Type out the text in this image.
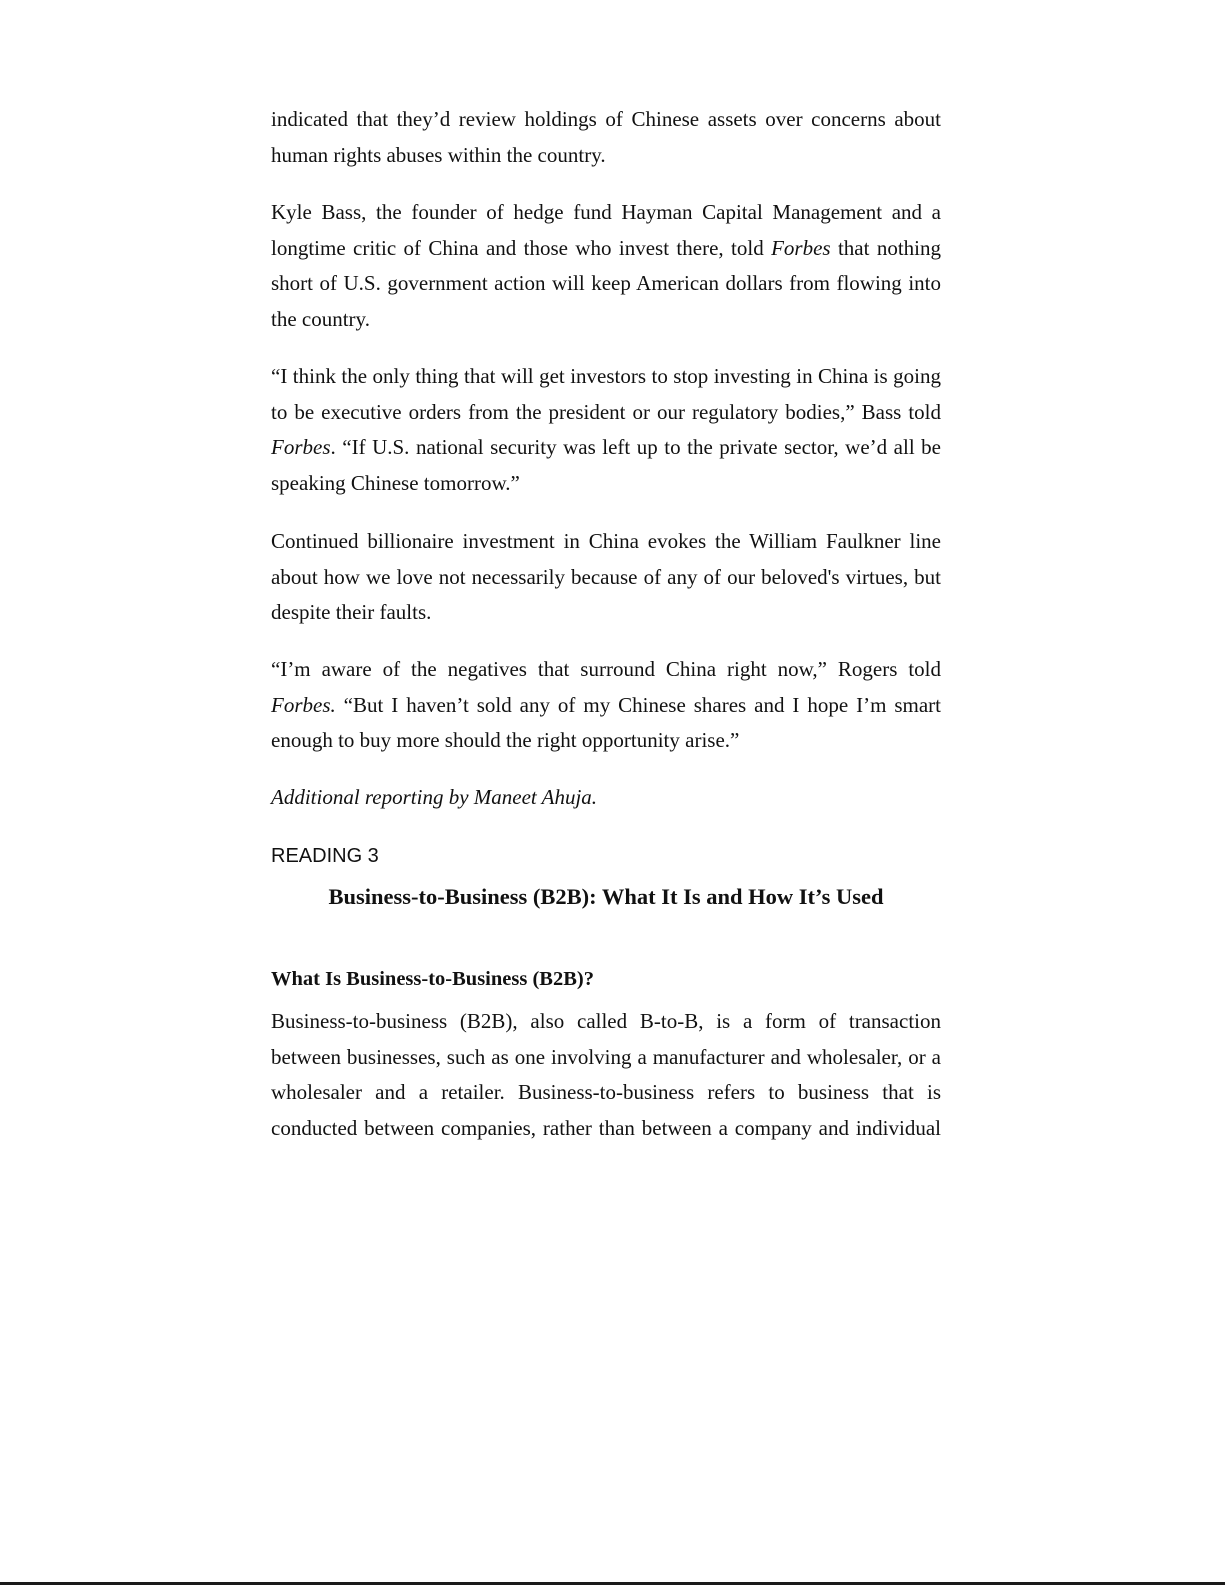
indicated that they’d review holdings of Chinese assets over concerns about human rights abuses within the country.

Kyle Bass, the founder of hedge fund Hayman Capital Management and a longtime critic of China and those who invest there, told Forbes that nothing short of U.S. government action will keep American dollars from flowing into the country.

“I think the only thing that will get investors to stop investing in China is going to be executive orders from the president or our regulatory bodies,” Bass told Forbes. “If U.S. national security was left up to the private sector, we’d all be speaking Chinese tomorrow.”

Continued billionaire investment in China evokes the William Faulkner line about how we love not necessarily because of any of our beloved's virtues, but despite their faults.

“I’m aware of the negatives that surround China right now,” Rogers told Forbes. “But I haven’t sold any of my Chinese shares and I hope I’m smart enough to buy more should the right opportunity arise.”

Additional reporting by Maneet Ahuja.

READING 3

Business-to-Business (B2B): What It Is and How It’s Used
What Is Business-to-Business (B2B)?

Business-to-business (B2B), also called B-to-B, is a form of transaction between businesses, such as one involving a manufacturer and wholesaler, or a wholesaler and a retailer. Business-to-business refers to business that is conducted between companies, rather than between a company and individual
